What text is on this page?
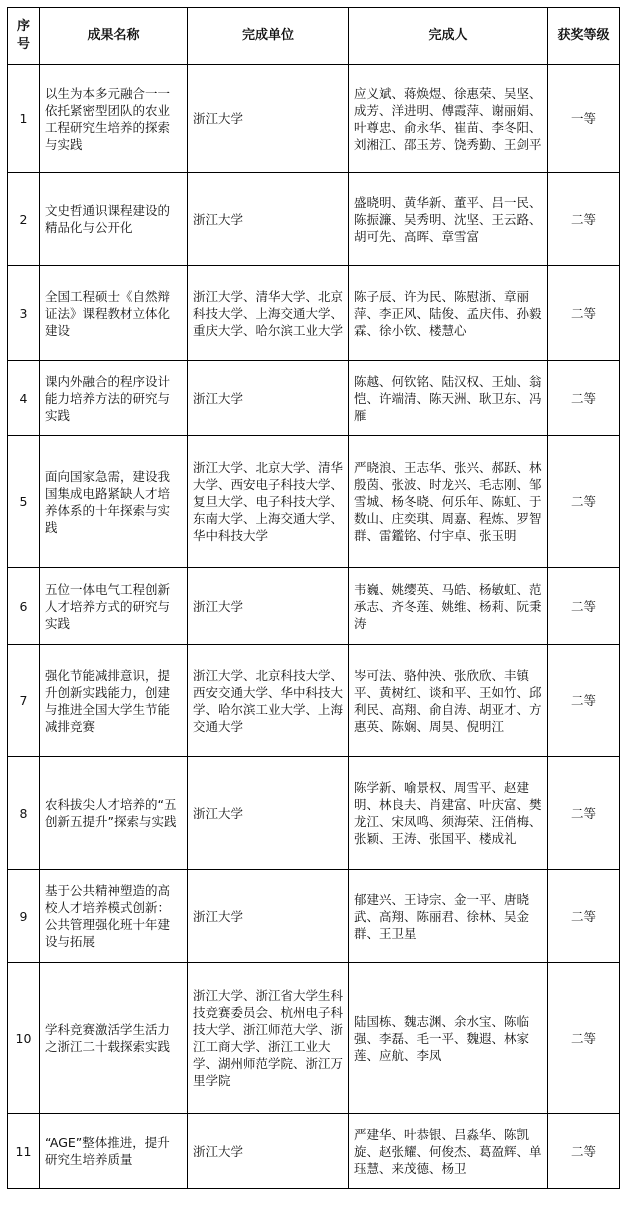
序号	成果名称	完成单位	完成人	获奖等级
1	以生为本多元融合一一依托紧密型团队的农业工程研究生培养的探索与实践	浙江大学	应义斌、蒋焕煜、徐惠荣、吴坚、成芳、洋进明、傅霞萍、谢丽娟、叶尊忠、俞永华、崔苗、李冬阳、刘湘江、邵玉芳、饶秀勤、王剑平	一等
2	文史哲通识课程建设的精品化与公开化	浙江大学	盛晓明、黄华新、董平、吕一民、陈振濂、吴秀明、沈坚、王云路、胡可先、高晖、章雪富	二等
3	全国工程硕士《自然辩证法》课程教材立体化建设	浙江大学、清华大学、北京科技大学、上海交通大学、重庆大学、哈尔滨工业大学	陈子辰、许为民、陈慰浙、章丽萍、李正风、陆俊、孟庆伟、孙毅霖、徐小钦、楼慧心	二等
4	课内外融合的程序设计能力培养方法的研究与实践	浙江大学	陈越、何钦铭、陆汉权、王灿、翁恺、许端清、陈天洲、耿卫东、冯雁	二等
5	面向国家急需，建设我国集成电路紧缺人才培养体系的十年探索与实践	浙江大学、北京大学、清华大学、西安电子科技大学、复旦大学、电子科技大学、东南大学、上海交通大学、华中科技大学	严晓浪、王志华、张兴、郝跃、林殷茵、张波、时龙兴、毛志刚、邹雪城、杨冬晓、何乐年、陈虹、于数山、庄奕琪、周嘉、程炼、罗智群、雷鑑铭、付宇卓、张玉明	二等
6	五位一体电气工程创新人才培养方式的研究与实践	浙江大学	韦巍、姚缨英、马皓、杨敏虹、范承志、齐冬莲、姚维、杨莉、阮秉涛	二等
7	强化节能减排意识，提升创新实践能力，创建与推进全国大学生节能减排竞赛	浙江大学、北京科技大学、西安交通大学、华中科技大学、哈尔滨工业大学、上海交通大学	岑可法、骆仲泱、张欣欣、丰镇平、黄树红、谈和平、王如竹、邱利民、高翔、俞自涛、胡亚才、方惠英、陈娴、周昊、倪明江	二等
8	农科拔尖人才培养的“五创新五提升”探索与实践	浙江大学	陈学新、喻景权、周雪平、赵建明、林良夫、肖建富、叶庆富、樊龙江、宋凤鸣、须海荣、汪俏梅、张颖、王涛、张国平、楼成礼	二等
9	基于公共精神塑造的高校人才培养模式创新：公共管理强化班十年建设与拓展	浙江大学	郁建兴、王诗宗、金一平、唐晓武、高翔、陈丽君、徐林、吴金群、王卫星	二等
10	学科竞赛激活学生活力之浙江二十载探索实践	浙江大学、浙江省大学生科技竞赛委员会、杭州电子科技大学、浙江师范大学、浙江工商大学、浙江工业大学、湖州师范学院、浙江万里学院	陆国栋、魏志渊、余水宝、陈临强、李磊、毛一平、魏遐、林家莲、应航、李凤	二等
11	“AGE”整体推进，提升研究生培养质量	浙江大学	严建华、叶恭银、吕淼华、陈凯旋、赵张耀、何俊杰、葛盈辉、单珏慧、来茂德、杨卫	二等
